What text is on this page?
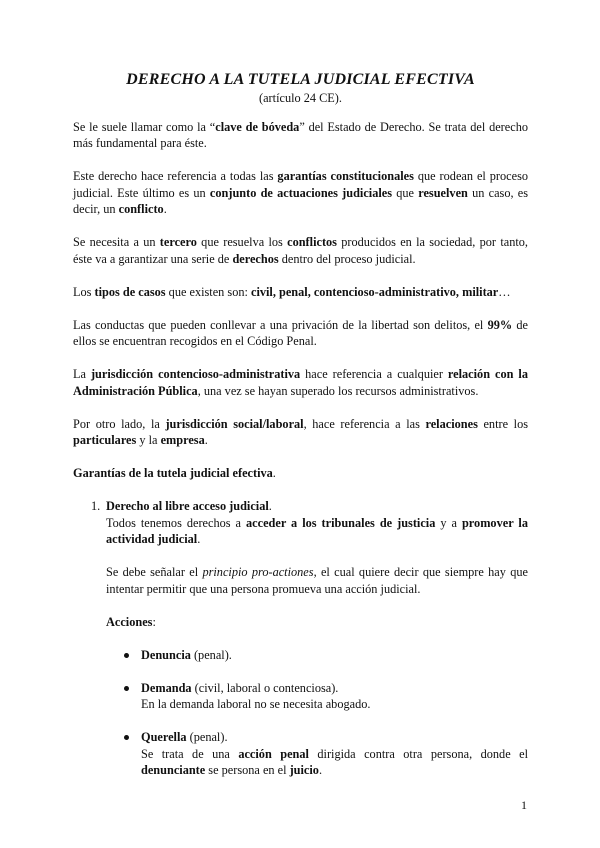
DERECHO A LA TUTELA JUDICIAL EFECTIVA
(artículo 24 CE).

Se le suele llamar como la “clave de bóveda” del Estado de Derecho. Se trata del derecho más fundamental para éste.

Este derecho hace referencia a todas las garantías constitucionales que rodean el proceso judicial. Este último es un conjunto de actuaciones judiciales que resuelven un caso, es decir, un conflicto.

Se necesita a un tercero que resuelva los conflictos producidos en la sociedad, por tanto, éste va a garantizar una serie de derechos dentro del proceso judicial.

Los tipos de casos que existen son: civil, penal, contencioso-administrativo, militar…

Las conductas que pueden conllevar a una privación de la libertad son delitos, el 99% de ellos se encuentran recogidos en el Código Penal.

La jurisdicción contencioso-administrativa hace referencia a cualquier relación con la Administración Pública, una vez se hayan superado los recursos administrativos.

Por otro lado, la jurisdicción social/laboral, hace referencia a las relaciones entre los particulares y la empresa.

Garantías de la tutela judicial efectiva.

1. Derecho al libre acceso judicial.
Todos tenemos derechos a acceder a los tribunales de justicia y a promover la actividad judicial.

Se debe señalar el principio pro-actiones, el cual quiere decir que siempre hay que intentar permitir que una persona promueva una acción judicial.

Acciones:

Denuncia (penal).
Demanda (civil, laboral o contenciosa).
En la demanda laboral no se necesita abogado.
Querella (penal).
Se trata de una acción penal dirigida contra otra persona, donde el denunciante se persona en el juicio.
1
